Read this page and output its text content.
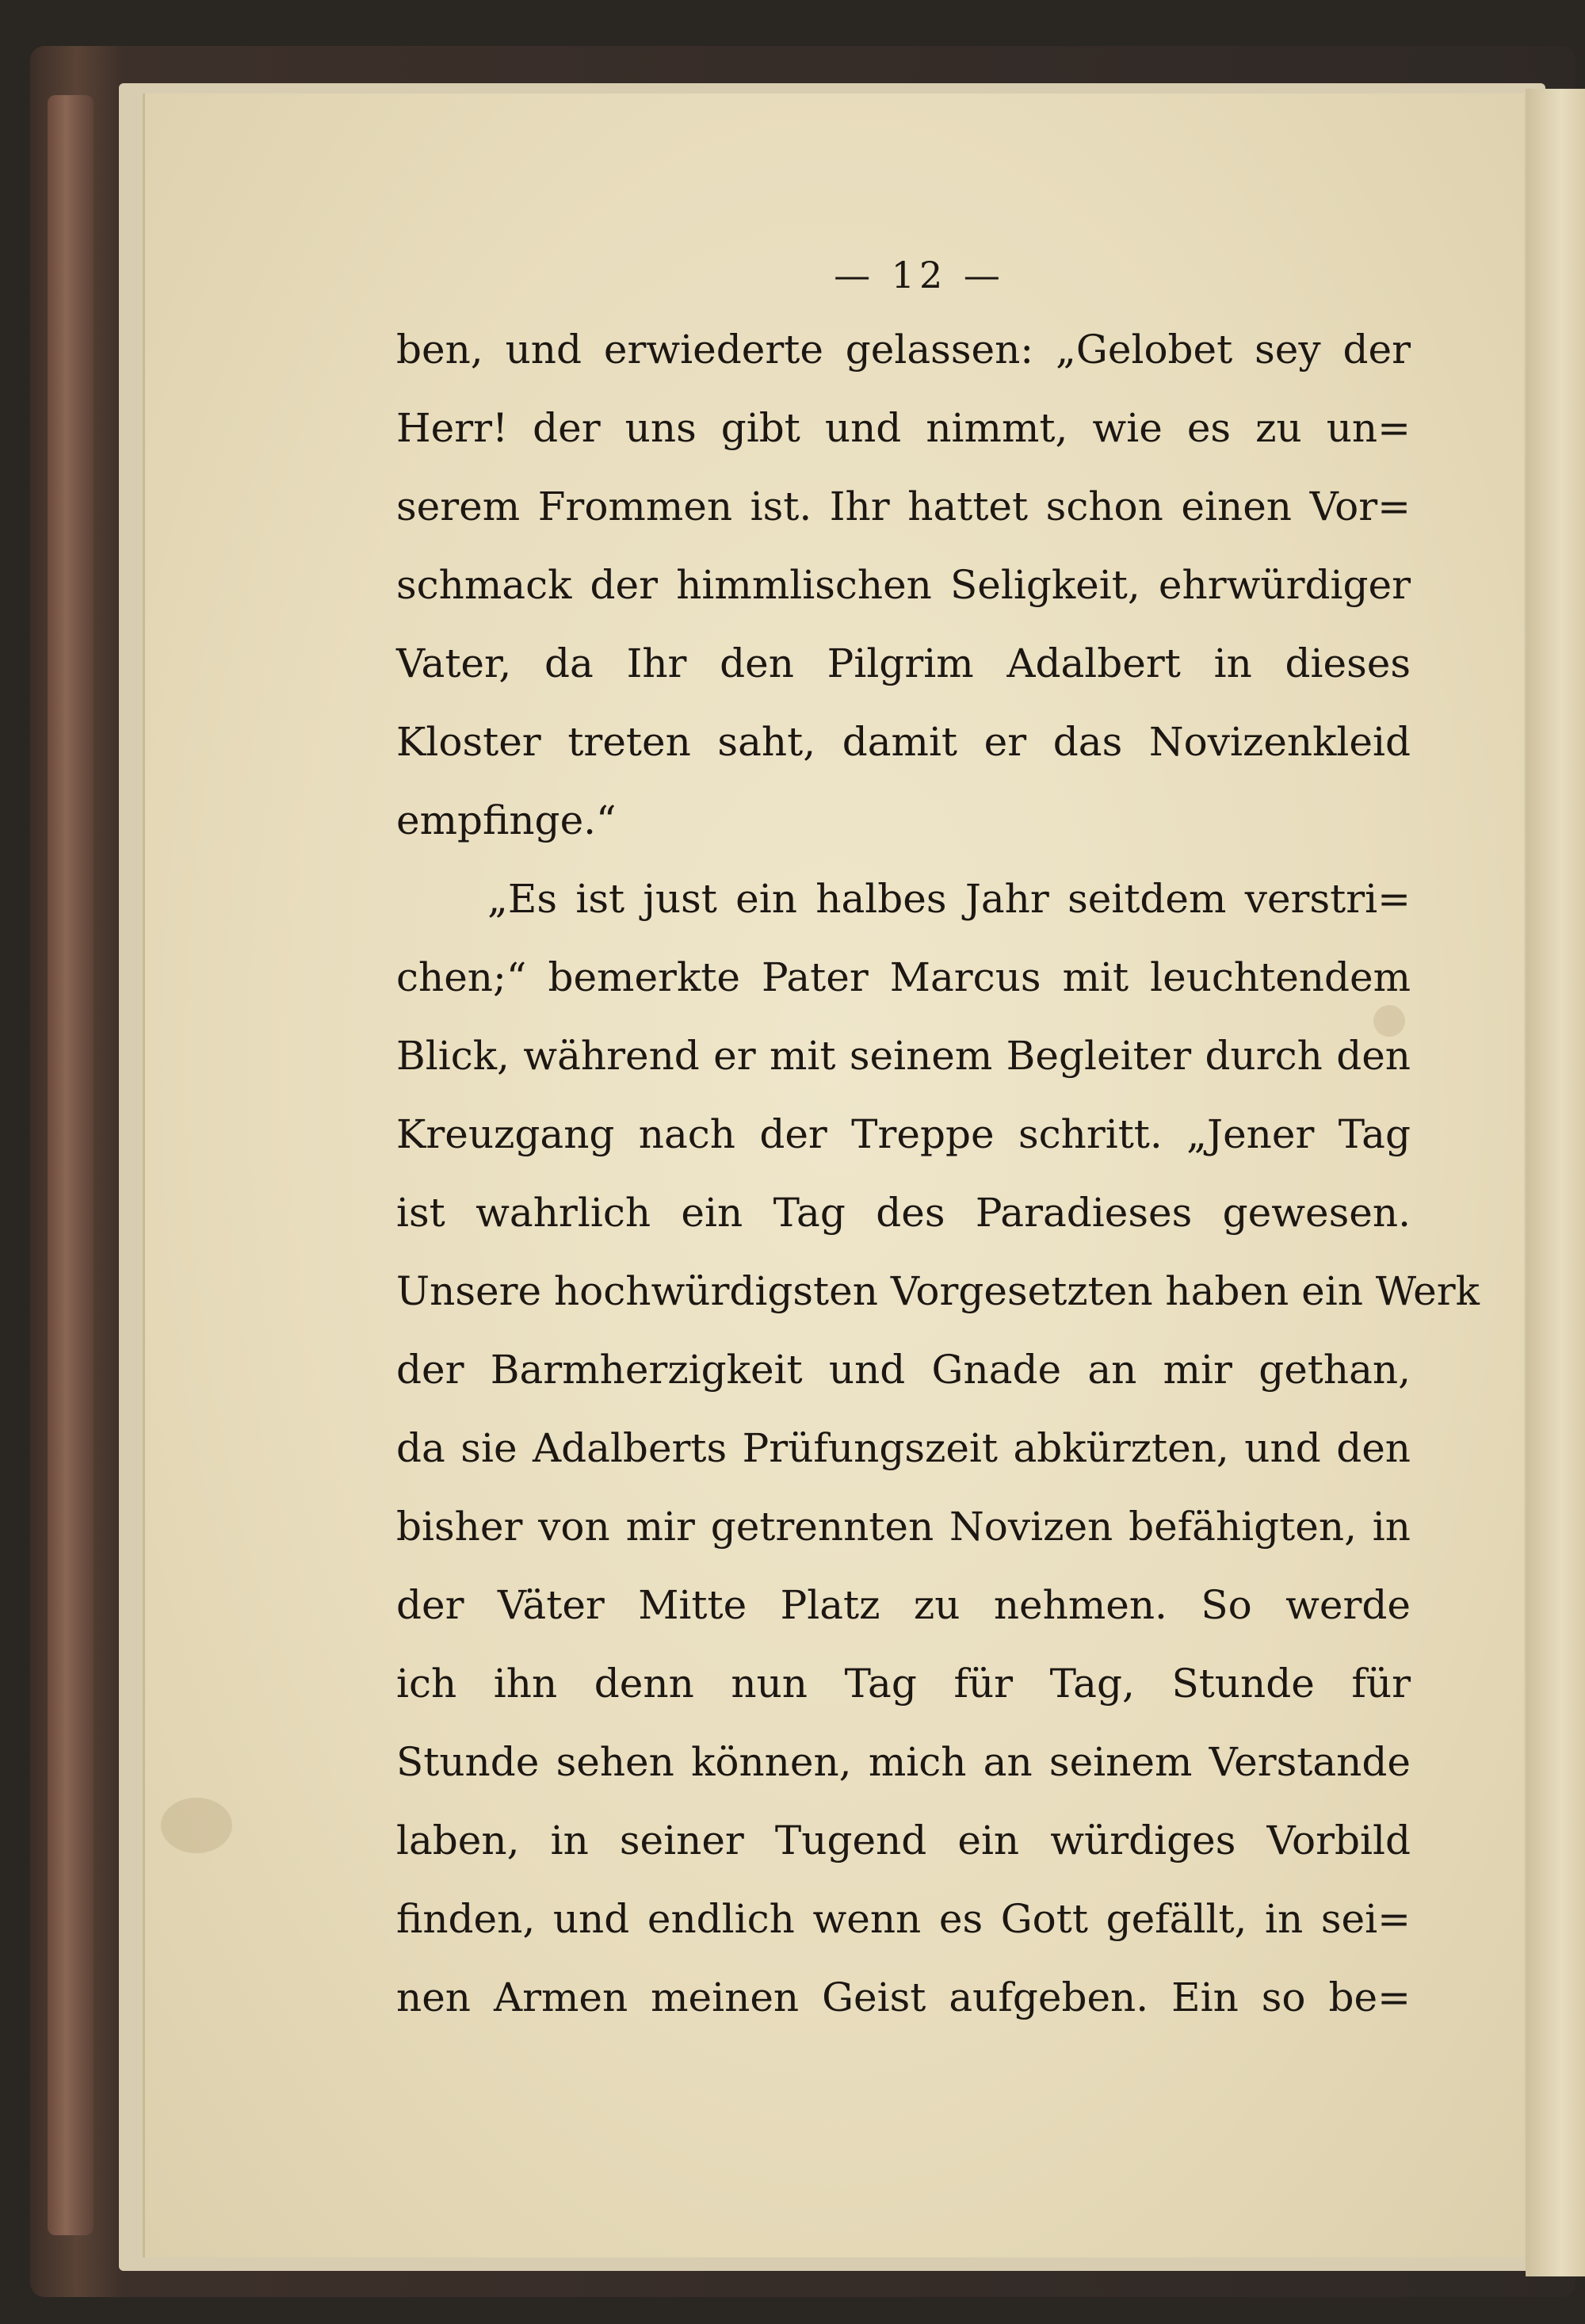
— 12 —
ben, und erwiederte gelassen: „Gelobet sey der
Herr! der uns gibt und nimmt, wie es zu un=
serem Frommen ist. Ihr hattet schon einen Vor=
schmack der himmlischen Seligkeit, ehrwürdiger
Vater, da Ihr den Pilgrim Adalbert in dieses
Kloster treten saht, damit er das Novizenkleid
empfinge.“
„Es ist just ein halbes Jahr seitdem verstri=
chen;“ bemerkte Pater Marcus mit leuchtendem
Blick, während er mit seinem Begleiter durch den
Kreuzgang nach der Treppe schritt. „Jener Tag
ist wahrlich ein Tag des Paradieses gewesen.
Unsere hochwürdigsten Vorgesetzten haben ein Werk
der Barmherzigkeit und Gnade an mir gethan,
da sie Adalberts Prüfungszeit abkürzten, und den
bisher von mir getrennten Novizen befähigten, in
der Väter Mitte Platz zu nehmen. So werde
ich ihn denn nun Tag für Tag, Stunde für
Stunde sehen können, mich an seinem Verstande
laben, in seiner Tugend ein würdiges Vorbild
finden, und endlich wenn es Gott gefällt, in sei=
nen Armen meinen Geist aufgeben. Ein so be=
